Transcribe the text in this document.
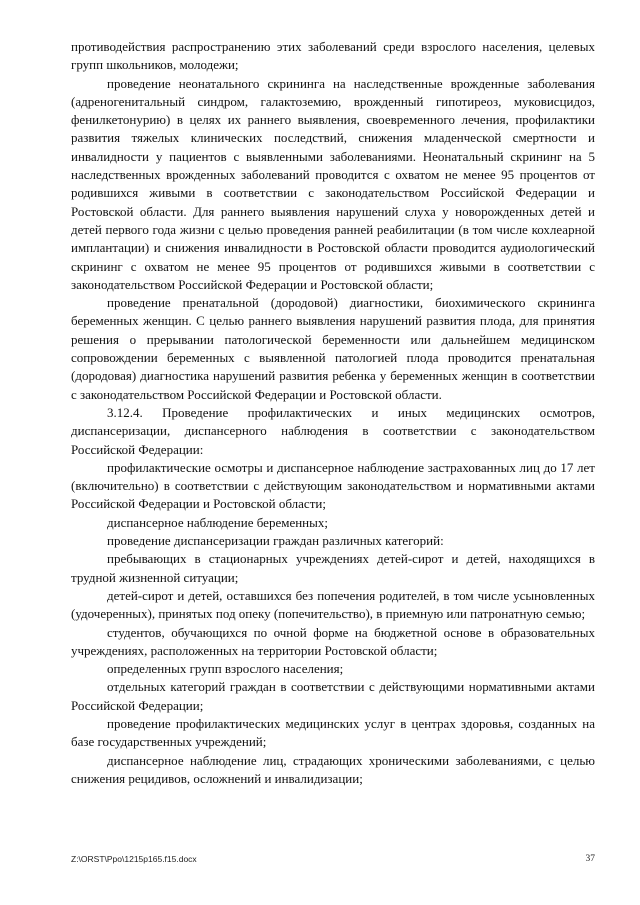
противодействия распространению этих заболеваний среди взрослого населения, целевых групп школьников, молодежи;

проведение неонатального скрининга на наследственные врожденные заболевания (адреногенитальный синдром, галактоземию, врожденный гипотиреоз, муковисцидоз, фенилкетонурию) в целях их раннего выявления, своевременного лечения, профилактики развития тяжелых клинических последствий, снижения младенческой смертности и инвалидности у пациентов с выявленными заболеваниями. Неонатальный скрининг на 5 наследственных врожденных заболеваний проводится с охватом не менее 95 процентов от родившихся живыми в соответствии с законодательством Российской Федерации и Ростовской области. Для раннего выявления нарушений слуха у новорожденных детей и детей первого года жизни с целью проведения ранней реабилитации (в том числе кохлеарной имплантации) и снижения инвалидности в Ростовской области проводится аудиологический скрининг с охватом не менее 95 процентов от родившихся живыми в соответствии с законодательством Российской Федерации и Ростовской области;

проведение пренатальной (дородовой) диагностики, биохимического скрининга беременных женщин. С целью раннего выявления нарушений развития плода, для принятия решения о прерывании патологической беременности или дальнейшем медицинском сопровождении беременных с выявленной патологией плода проводится пренатальная (дородовая) диагностика нарушений развития ребенка у беременных женщин в соответствии с законодательством Российской Федерации и Ростовской области.

3.12.4. Проведение профилактических и иных медицинских осмотров, диспансеризации, диспансерного наблюдения в соответствии с законодательством Российской Федерации:

профилактические осмотры и диспансерное наблюдение застрахованных лиц до 17 лет (включительно) в соответствии с действующим законодательством и нормативными актами Российской Федерации и Ростовской области;

диспансерное наблюдение беременных;

проведение диспансеризации граждан различных категорий:

пребывающих в стационарных учреждениях детей-сирот и детей, находящихся в трудной жизненной ситуации;

детей-сирот и детей, оставшихся без попечения родителей, в том числе усыновленных (удочеренных), принятых под опеку (попечительство), в приемную или патронатную семью;

студентов, обучающихся по очной форме на бюджетной основе в образовательных учреждениях, расположенных на территории Ростовской области;

определенных групп взрослого населения;

отдельных категорий граждан в соответствии с действующими нормативными актами Российской Федерации;

проведение профилактических медицинских услуг в центрах здоровья, созданных на базе государственных учреждений;

диспансерное наблюдение лиц, страдающих хроническими заболеваниями, с целью снижения рецидивов, осложнений и инвалидизации;

Z:\ORST\Ppo\1215p165.f15.docx	37
